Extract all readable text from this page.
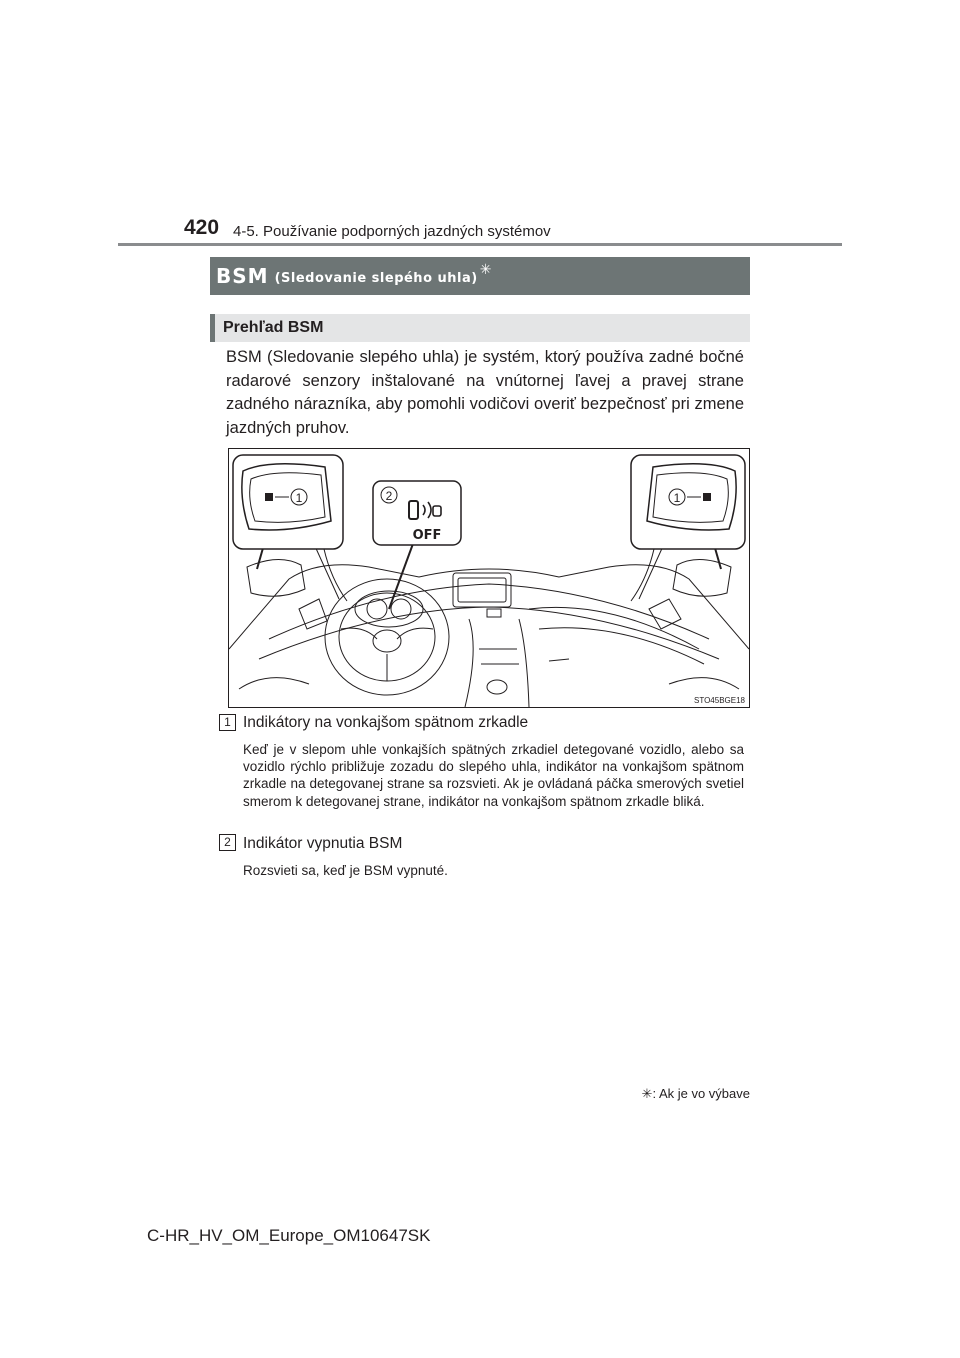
420 4-5. Používanie podporných jazdných systémov
BSM (Sledovanie slepého uhla)
✳
Prehľad BSM
BSM (Sledovanie slepého uhla) je systém, ktorý používa zadné bočné radarové senzory inštalované na vnútornej ľavej a pravej strane zadného nárazníka, aby pomohli vodičovi overiť bezpečnosť pri zmene jazdných pruhov.
1	1
2
OFF
STO45BGE18
1 Indikátory na vonkajšom spätnom zrkadle
Keď je v slepom uhle vonkajších spätných zrkadiel detegované vozidlo, alebo sa vozidlo rýchlo približuje zozadu do slepého uhla, indikátor na vonkajšom spätnom zrkadle na detegovanej strane sa rozsvieti. Ak je ovládaná páčka smerových svetiel smerom k detegovanej strane, indikátor na vonkajšom spätnom zrkadle bliká.
2 Indikátor vypnutia BSM
Rozsvieti sa, keď je BSM vypnuté.
✳: Ak je vo výbave
C-HR_HV_OM_Europe_OM10647SK
